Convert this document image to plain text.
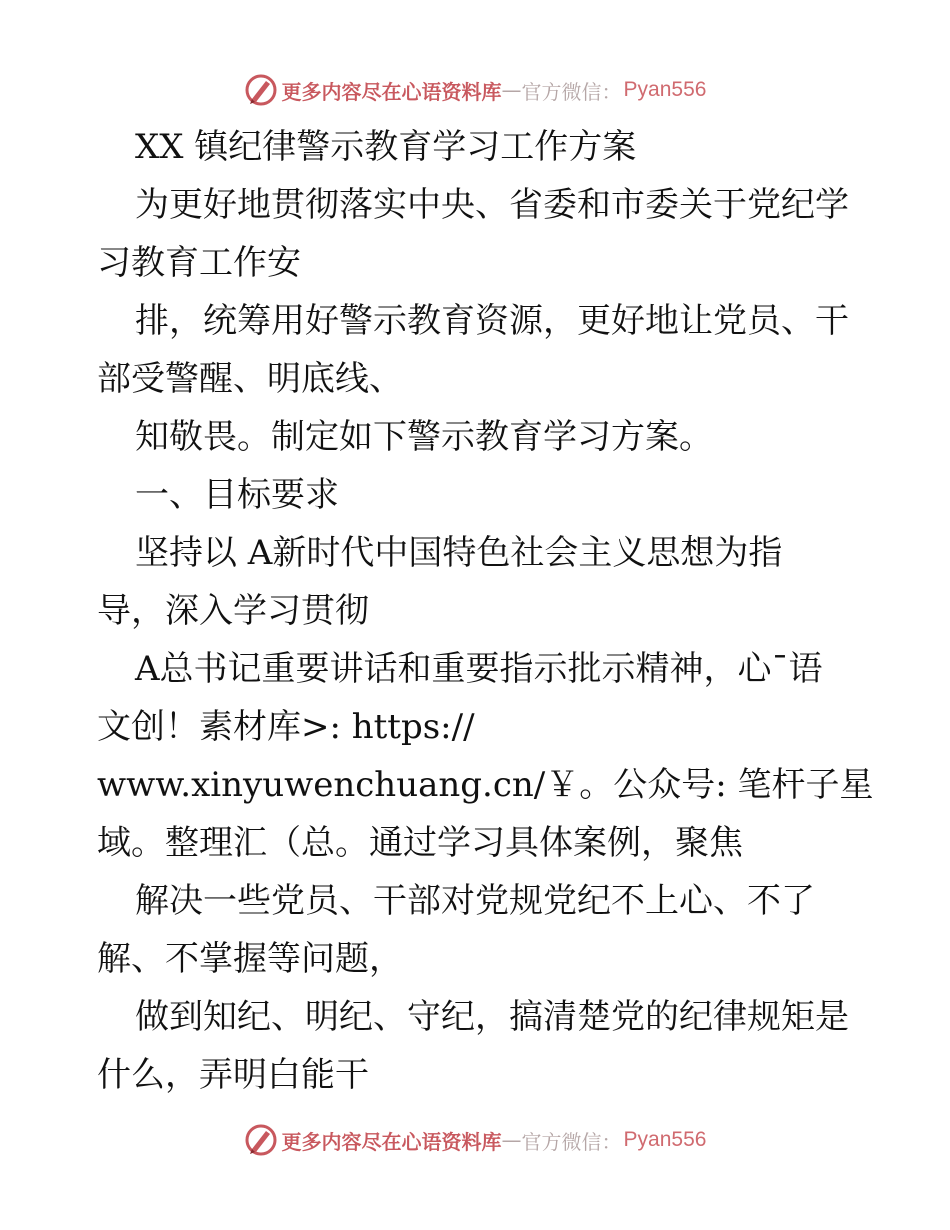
更多内容尽在心语资料库 — 官方微信： Pyan556
XX 镇纪律警示教育学习工作方案
为更好地贯彻落实中央、省委和市委关于党纪学
习教育工作安
排，统筹用好警示教育资源，更好地让党员、干
部受警醒、明底线、
知敬畏。制定如下警示教育学习方案。
一、目标要求
坚持以 A新时代中国特色社会主义思想为指
导，深入学习贯彻
A总书记重要讲话和重要指示批示精神，心¯语
文创！素材库>: https://
www.xinyuwenchuang.cn/￥。公众号: 笔杆子星
域。整理汇（总。通过学习具体案例，聚焦
解决一些党员、干部对党规党纪不上心、不了
解、不掌握等问题，
做到知纪、明纪、守纪，搞清楚党的纪律规矩是
什么，弄明白能干
更多内容尽在心语资料库 — 官方微信： Pyan556
